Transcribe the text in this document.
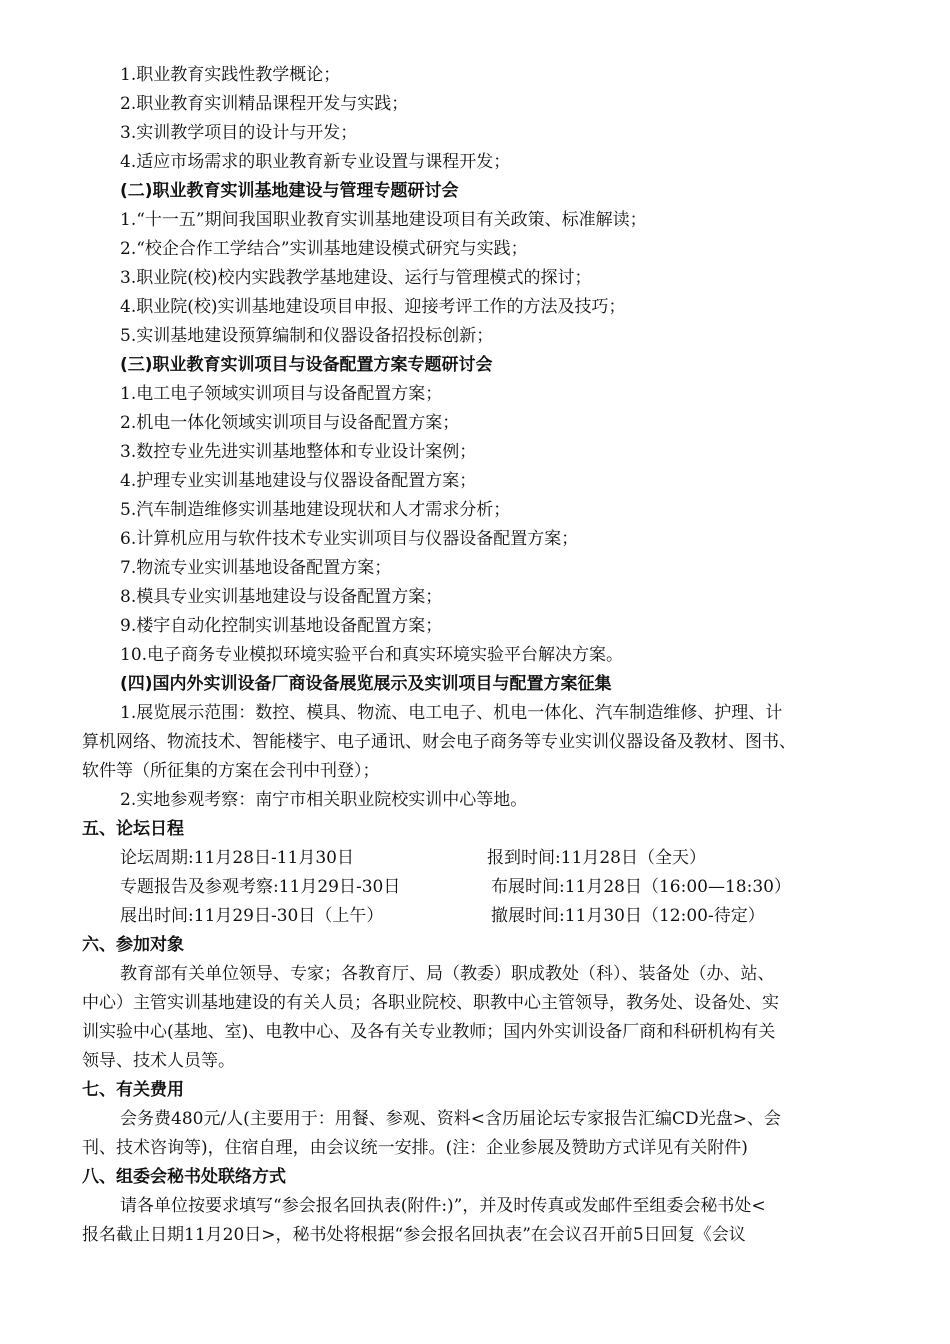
1.职业教育实践性教学概论；
2.职业教育实训精品课程开发与实践；
3.实训教学项目的设计与开发；
4.适应市场需求的职业教育新专业设置与课程开发；
(二)职业教育实训基地建设与管理专题研讨会
1.“十一五”期间我国职业教育实训基地建设项目有关政策、标准解读；
2.“校企合作工学结合”实训基地建设模式研究与实践；
3.职业院(校)校内实践教学基地建设、运行与管理模式的探讨；
4.职业院(校)实训基地建设项目申报、迎接考评工作的方法及技巧；
5.实训基地建设预算编制和仪器设备招投标创新；
(三)职业教育实训项目与设备配置方案专题研讨会
1.电工电子领域实训项目与设备配置方案；
2.机电一体化领域实训项目与设备配置方案；
3.数控专业先进实训基地整体和专业设计案例；
4.护理专业实训基地建设与仪器设备配置方案；
5.汽车制造维修实训基地建设现状和人才需求分析；
6.计算机应用与软件技术专业实训项目与仪器设备配置方案；
7.物流专业实训基地设备配置方案；
8.模具专业实训基地建设与设备配置方案；
9.楼宇自动化控制实训基地设备配置方案；
10.电子商务专业模拟环境实验平台和真实环境实验平台解决方案。
(四)国内外实训设备厂商设备展览展示及实训项目与配置方案征集
1.展览展示范围：数控、模具、物流、电工电子、机电一体化、汽车制造维修、护理、计
算机网络、物流技术、智能楼宇、电子通讯、财会电子商务等专业实训仪器设备及教材、图书、
软件等（所征集的方案在会刊中刊登）；
2.实地参观考察：南宁市相关职业院校实训中心等地。
五、论坛日程
论坛周期:11月28日-11月30日	报到时间:11月28日（全天）
专题报告及参观考察:11月29日-30日	布展时间:11月28日（16:00—18:30）
展出时间:11月29日-30日（上午）	撤展时间:11月30日（12:00-待定）
六、参加对象
教育部有关单位领导、专家；各教育厅、局（教委）职成教处（科）、装备处（办、站、
中心）主管实训基地建设的有关人员；各职业院校、职教中心主管领导，教务处、设备处、实
训实验中心(基地、室)、电教中心、及各有关专业教师；国内外实训设备厂商和科研机构有关
领导、技术人员等。
七、有关费用
会务费480元/人(主要用于：用餐、参观、资料<含历届论坛专家报告汇编CD光盘>、会
刊、技术咨询等)，住宿自理，由会议统一安排。(注：企业参展及赞助方式详见有关附件)
八、组委会秘书处联络方式
请各单位按要求填写“参会报名回执表(附件:)”，并及时传真或发邮件至组委会秘书处<
报名截止日期11月20日>，秘书处将根据“参会报名回执表”在会议召开前5日回复《会议
